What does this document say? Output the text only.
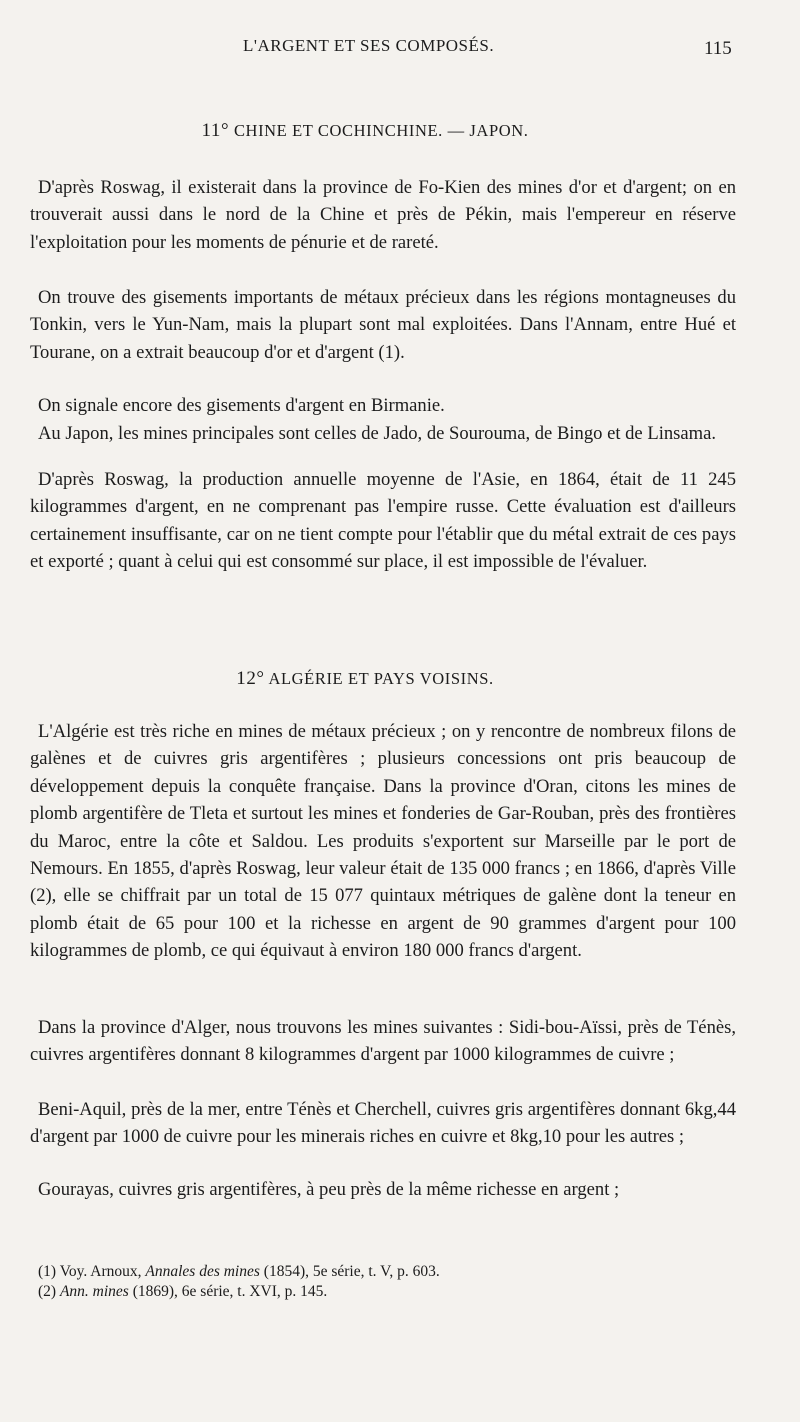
L'ARGENT ET SES COMPOSÉS.	115
11° CHINE ET COCHINCHINE. — JAPON.

D'après Roswag, il existerait dans la province de Fo-Kien des mines d'or et d'argent; on en trouverait aussi dans le nord de la Chine et près de Pékin, mais l'empereur en réserve l'exploitation pour les moments de pénurie et de rareté.

On trouve des gisements importants de métaux précieux dans les régions montagneuses du Tonkin, vers le Yun-Nam, mais la plupart sont mal exploitées. Dans l'Annam, entre Hué et Tourane, on a extrait beaucoup d'or et d'argent (1).

On signale encore des gisements d'argent en Birmanie.

Au Japon, les mines principales sont celles de Jado, de Sourouma, de Bingo et de Linsama.

D'après Roswag, la production annuelle moyenne de l'Asie, en 1864, était de 11 245 kilogrammes d'argent, en ne comprenant pas l'empire russe. Cette évaluation est d'ailleurs certainement insuffisante, car on ne tient compte pour l'établir que du métal extrait de ces pays et exporté ; quant à celui qui est consommé sur place, il est impossible de l'évaluer.

12° ALGÉRIE ET PAYS VOISINS.

L'Algérie est très riche en mines de métaux précieux ; on y rencontre de nombreux filons de galènes et de cuivres gris argentifères ; plusieurs concessions ont pris beaucoup de développement depuis la conquête française. Dans la province d'Oran, citons les mines de plomb argentifère de Tleta et surtout les mines et fonderies de Gar-Rouban, près des frontières du Maroc, entre la côte et Saldou. Les produits s'exportent sur Marseille par le port de Nemours. En 1855, d'après Roswag, leur valeur était de 135 000 francs ; en 1866, d'après Ville (2), elle se chiffrait par un total de 15 077 quintaux métriques de galène dont la teneur en plomb était de 65 pour 100 et la richesse en argent de 90 grammes d'argent pour 100 kilogrammes de plomb, ce qui équivaut à environ 180 000 francs d'argent.

Dans la province d'Alger, nous trouvons les mines suivantes : Sidi-bou-Aïssi, près de Ténès, cuivres argentifères donnant 8 kilogrammes d'argent par 1000 kilogrammes de cuivre ;

Beni-Aquil, près de la mer, entre Ténès et Cherchell, cuivres gris argentifères donnant 6kg,44 d'argent par 1000 de cuivre pour les minerais riches en cuivre et 8kg,10 pour les autres ;

Gourayas, cuivres gris argentifères, à peu près de la même richesse en argent ;

(1) Voy. Arnoux, Annales des mines (1854), 5e série, t. V, p. 603.
(2) Ann. mines (1869), 6e série, t. XVI, p. 145.
